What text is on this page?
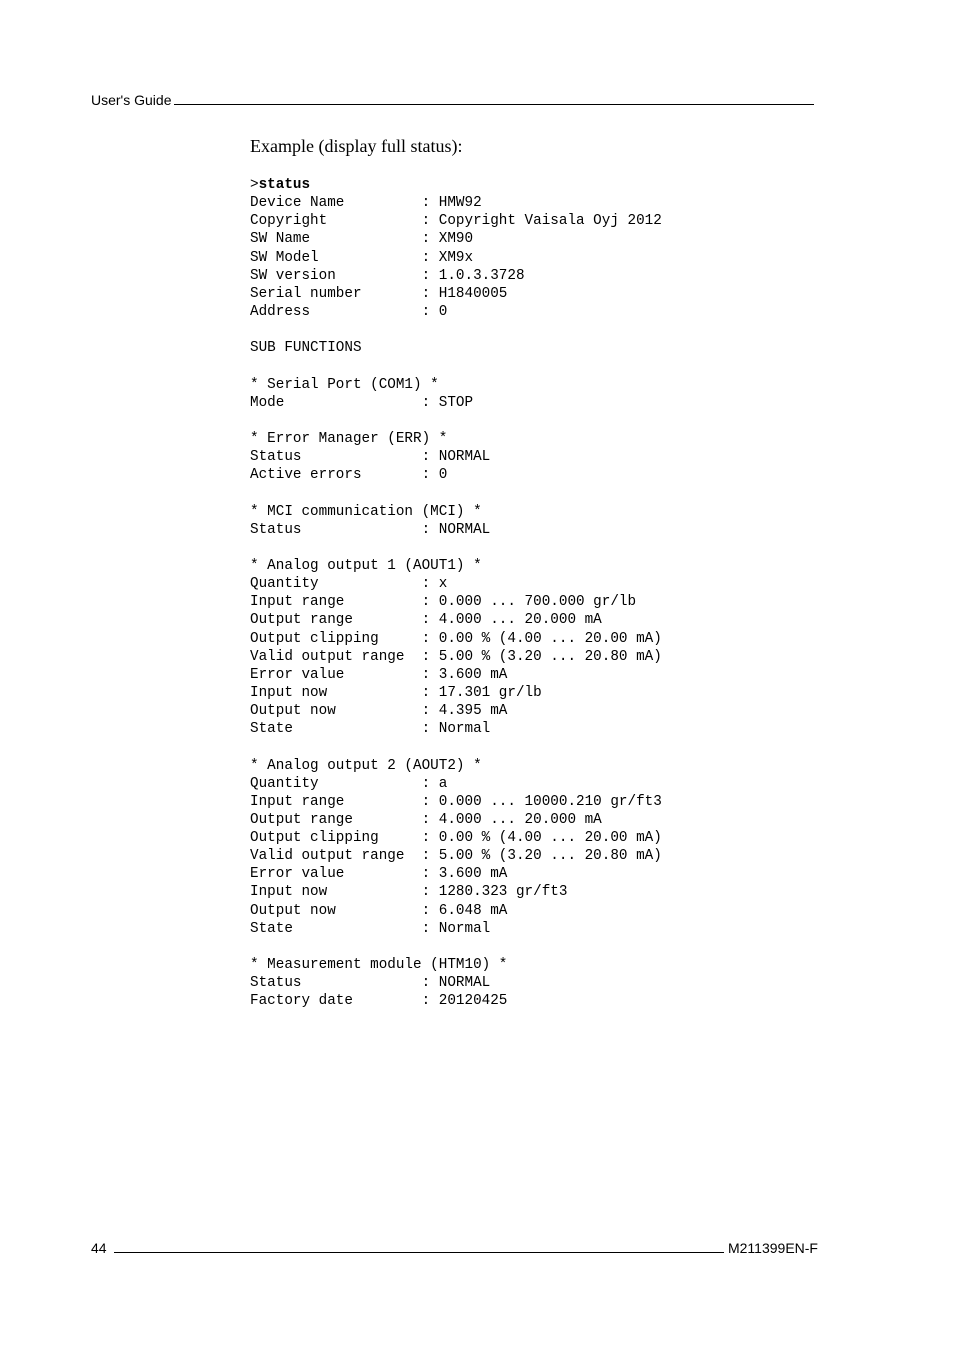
User's Guide
Example (display full status):
>status
Device Name         : HMW92
Copyright           : Copyright Vaisala Oyj 2012
SW Name             : XM90
SW Model            : XM9x
SW version          : 1.0.3.3728
Serial number       : H1840005
Address             : 0
SUB FUNCTIONS
* Serial Port (COM1) *
Mode                : STOP
* Error Manager (ERR) *
Status              : NORMAL
Active errors       : 0
* MCI communication (MCI) *
Status              : NORMAL
* Analog output 1 (AOUT1) *
Quantity            : x
Input range         : 0.000 ... 700.000 gr/lb
Output range        : 4.000 ... 20.000 mA
Output clipping     : 0.00 % (4.00 ... 20.00 mA)
Valid output range  : 5.00 % (3.20 ... 20.80 mA)
Error value         : 3.600 mA
Input now           : 17.301 gr/lb
Output now          : 4.395 mA
State               : Normal
* Analog output 2 (AOUT2) *
Quantity            : a
Input range         : 0.000 ... 10000.210 gr/ft3
Output range        : 4.000 ... 20.000 mA
Output clipping     : 0.00 % (4.00 ... 20.00 mA)
Valid output range  : 5.00 % (3.20 ... 20.80 mA)
Error value         : 3.600 mA
Input now           : 1280.323 gr/ft3
Output now          : 6.048 mA
State               : Normal
* Measurement module (HTM10) *
Status              : NORMAL
Factory date        : 20120425
44	M211399EN-F
